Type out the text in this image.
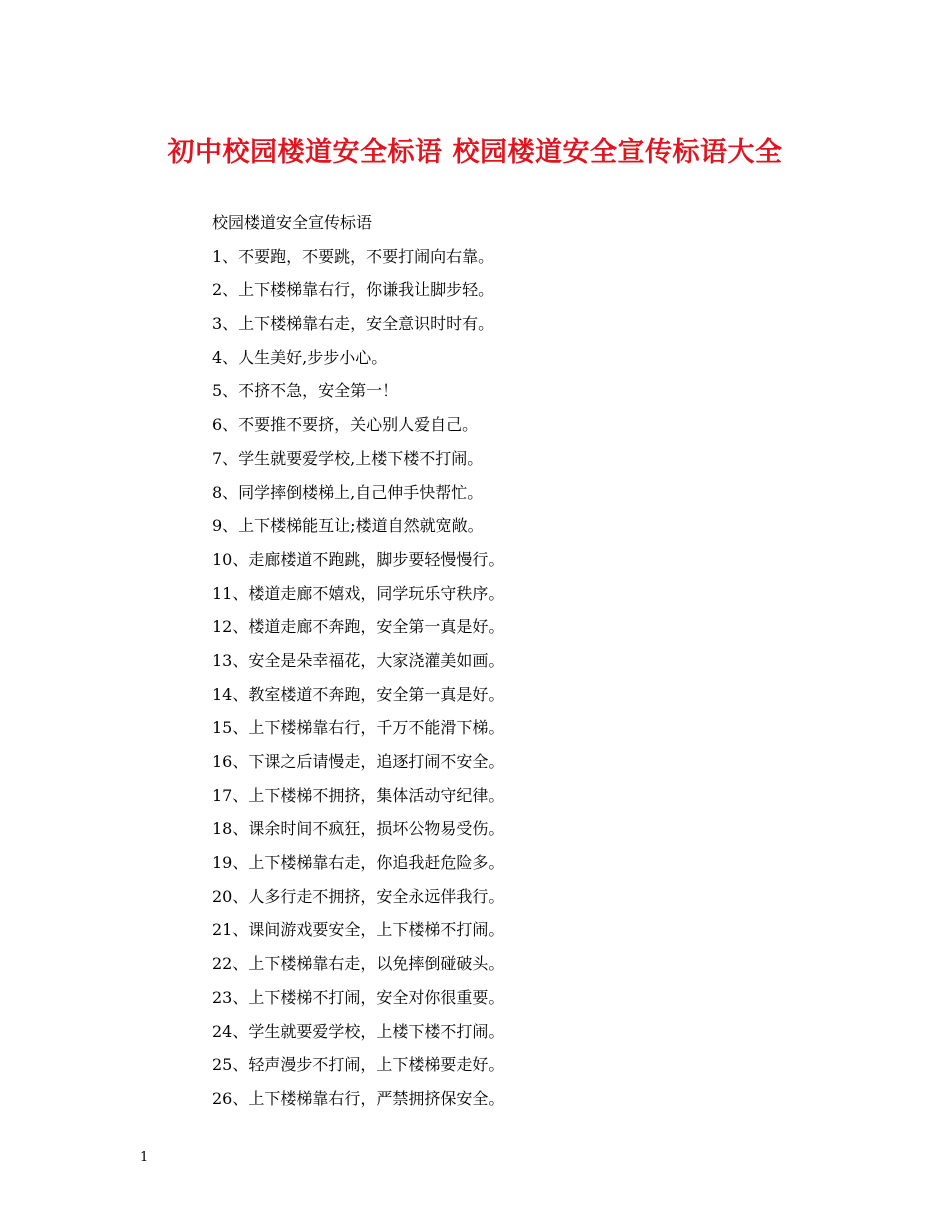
初中校园楼道安全标语 校园楼道安全宣传标语大全
校园楼道安全宣传标语
1、不要跑，不要跳，不要打闹向右靠。
2、上下楼梯靠右行，你谦我让脚步轻。
3、上下楼梯靠右走，安全意识时时有。
4、人生美好,步步小心。
5、不挤不急，安全第一！
6、不要推不要挤，关心别人爱自己。
7、学生就要爱学校,上楼下楼不打闹。
8、同学摔倒楼梯上,自己伸手快帮忙。
9、上下楼梯能互让;楼道自然就宽敞。
10、走廊楼道不跑跳，脚步要轻慢慢行。
11、楼道走廊不嬉戏，同学玩乐守秩序。
12、楼道走廊不奔跑，安全第一真是好。
13、安全是朵幸福花，大家浇灌美如画。
14、教室楼道不奔跑，安全第一真是好。
15、上下楼梯靠右行，千万不能滑下梯。
16、下课之后请慢走，追逐打闹不安全。
17、上下楼梯不拥挤，集体活动守纪律。
18、课余时间不疯狂，损坏公物易受伤。
19、上下楼梯靠右走，你追我赶危险多。
20、人多行走不拥挤，安全永远伴我行。
21、课间游戏要安全，上下楼梯不打闹。
22、上下楼梯靠右走，以免摔倒碰破头。
23、上下楼梯不打闹，安全对你很重要。
24、学生就要爱学校，上楼下楼不打闹。
25、轻声漫步不打闹，上下楼梯要走好。
26、上下楼梯靠右行，严禁拥挤保安全。
1
